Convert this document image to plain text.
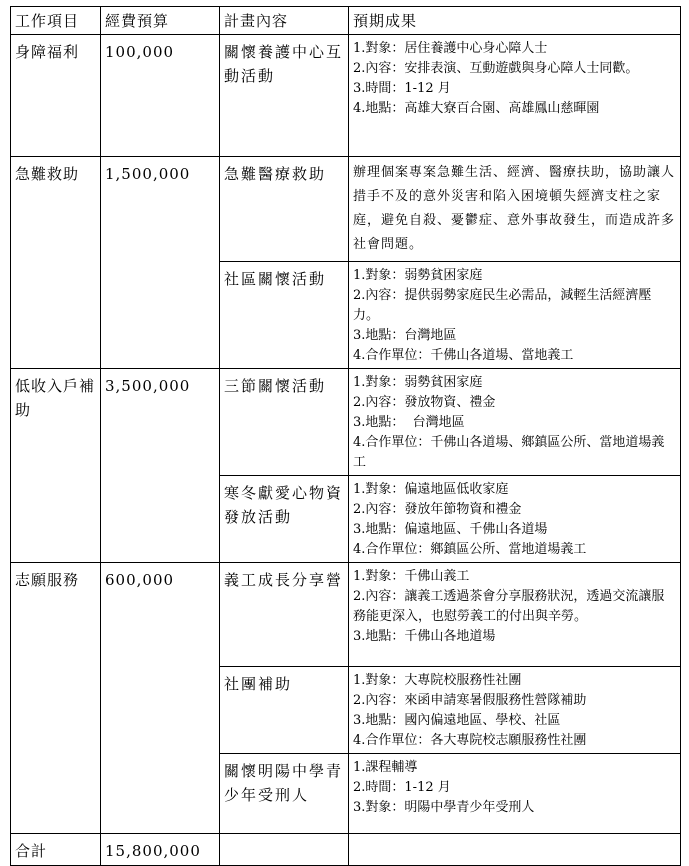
工作項目	經費預算	計畫內容	預期成果
身障福利	100,000	關懷養護中心互動活動	1.對象：居住養護中心身心障人士
2.內容：安排表演、互動遊戲與身心障人士同歡。
3.時間：1-12 月
4.地點：高雄大寮百合園、高雄鳳山慈暉園

急難救助	1,500,000	急難醫療救助	辦理個案專案急難生活、經濟、醫療扶助，協助讓人措手不及的意外災害和陷入困境頓失經濟支柱之家庭，避免自殺、憂鬱症、意外事故發生，而造成許多社會問題。

		社區關懷活動	1.對象：弱勢貧困家庭
2.內容：提供弱勢家庭民生必需品，減輕生活經濟壓力。
3.地點：台灣地區
4.合作單位：千佛山各道場、當地義工

低收入戶補助	3,500,000	三節關懷活動	1.對象：弱勢貧困家庭
2.內容：發放物資、禮金
3.地點：  台灣地區
4.合作單位：千佛山各道場、鄉鎮區公所、當地道場義工

		寒冬獻愛心物資發放活動	1.對象：偏遠地區低收家庭
2.內容：發放年節物資和禮金
3.地點：偏遠地區、千佛山各道場
4.合作單位：鄉鎮區公所、當地道場義工

志願服務	600,000	義工成長分享營	1.對象：千佛山義工
2.內容：讓義工透過茶會分享服務狀況，透過交流讓服務能更深入，也慰勞義工的付出與辛勞。
3.地點：千佛山各地道場

		社團補助	1.對象：大專院校服務性社團
2.內容：來函申請寒暑假服務性營隊補助
3.地點：國內偏遠地區、學校、社區
4.合作單位：各大專院校志願服務性社團

		關懷明陽中學青少年受刑人	1.課程輔導
2.時間：1-12 月
3.對象：明陽中學青少年受刑人

合計	15,800,000		
